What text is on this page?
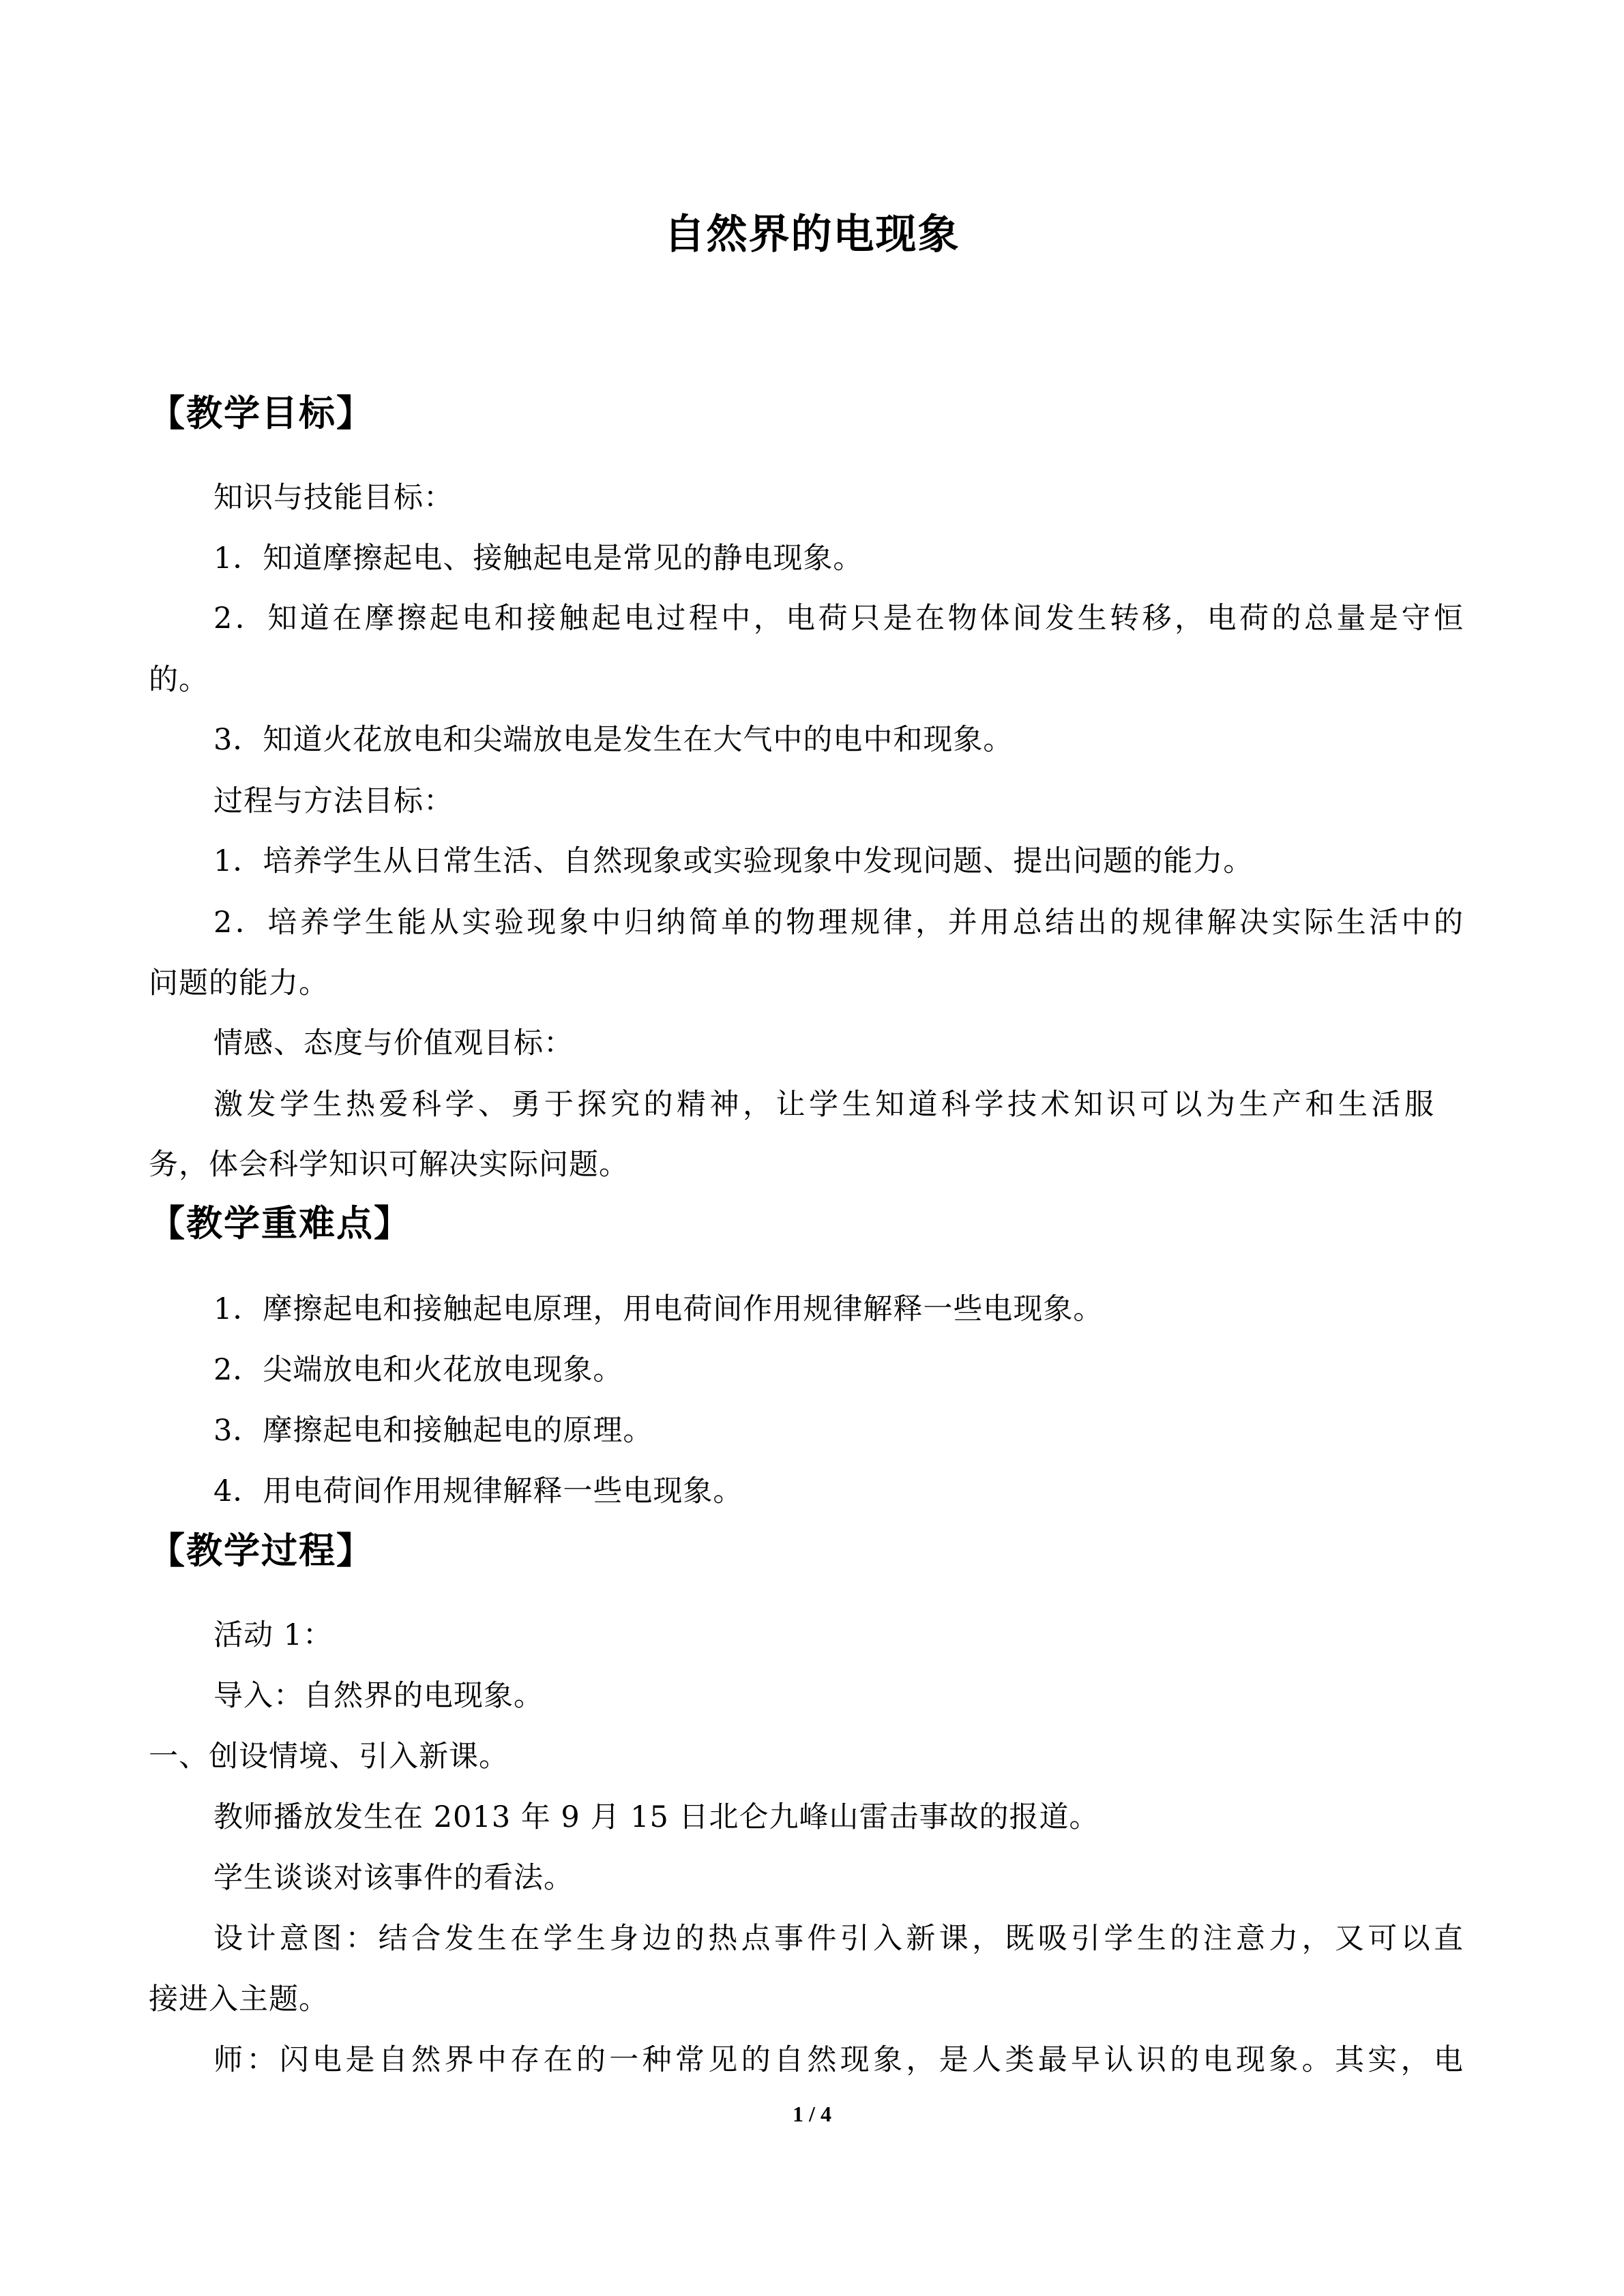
自然界的电现象
【教学目标】
知识与技能目标：
1．知道摩擦起电、接触起电是常见的静电现象。
2．知道在摩擦起电和接触起电过程中，电荷只是在物体间发生转移，电荷的总量是守恒
的。
3．知道火花放电和尖端放电是发生在大气中的电中和现象。
过程与方法目标：
1．培养学生从日常生活、自然现象或实验现象中发现问题、提出问题的能力。
2．培养学生能从实验现象中归纳简单的物理规律，并用总结出的规律解决实际生活中的
问题的能力。
情感、态度与价值观目标：
激发学生热爱科学、勇于探究的精神，让学生知道科学技术知识可以为生产和生活服
务，体会科学知识可解决实际问题。
【教学重难点】
1．摩擦起电和接触起电原理，用电荷间作用规律解释一些电现象。
2．尖端放电和火花放电现象。
3．摩擦起电和接触起电的原理。
4．用电荷间作用规律解释一些电现象。
【教学过程】
活动 1：
导入：自然界的电现象。
一、创设情境、引入新课。
教师播放发生在 2013 年 9 月 15 日北仑九峰山雷击事故的报道。
学生谈谈对该事件的看法。
设计意图：结合发生在学生身边的热点事件引入新课，既吸引学生的注意力，又可以直
接进入主题。
师：闪电是自然界中存在的一种常见的自然现象，是人类最早认识的电现象。其实，电
1 / 4
